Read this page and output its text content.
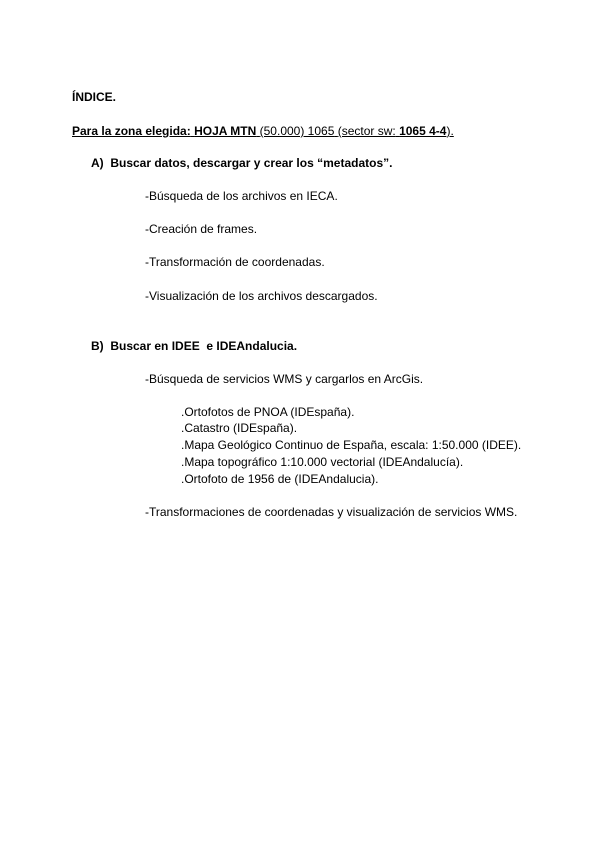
ÍNDICE.
Para la zona elegida: HOJA MTN (50.000) 1065 (sector sw: 1065 4-4).
A)  Buscar datos, descargar y crear los “metadatos”.
-Búsqueda de los archivos en IECA.
-Creación de frames.
-Transformación de coordenadas.
-Visualización de los archivos descargados.
B)  Buscar en IDEE  e IDEAndalucia.
-Búsqueda de servicios WMS y cargarlos en ArcGis.
.Ortofotos de PNOA (IDEspaña).
.Catastro (IDEspaña).
.Mapa Geológico Continuo de España, escala: 1:50.000 (IDEE).
.Mapa topográfico 1:10.000 vectorial (IDEAndalucía).
.Ortofoto de 1956 de (IDEAndalucia).
-Transformaciones de coordenadas y visualización de servicios WMS.
